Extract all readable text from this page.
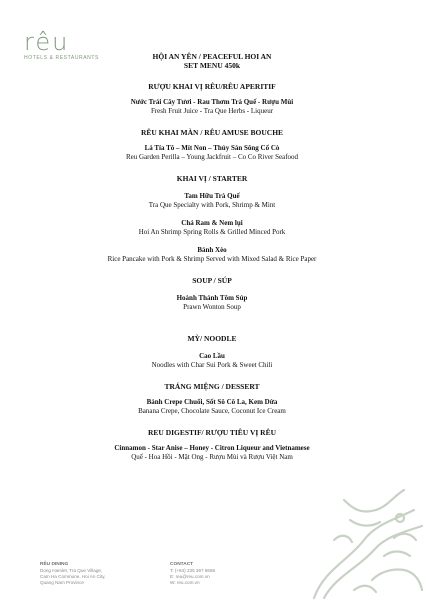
rêu
HOTELS & RESTAURANTS	HỘI AN YÊN / PEACEFUL HOI AN
SET MENU 450k
RƯỢU KHAI VỊ RÊU/RÊU APERITIF
Nước Trái Cây Tươi - Rau Thơm Trà Quế - Rượu Mùi
Fresh Fruit Juice - Tra Que Herbs - Liqueur
RÊU KHAI MÀN / RÊU AMUSE BOUCHE
Lá Tía Tô – Mít Non – Thủy Sản Sông Cổ Cò
Reu Garden Perilla – Young Jackfruit – Co Co River Seafood
KHAI VỊ / STARTER
Tam Hữu Trà Quế
Tra Que Specialty with Pork, Shrimp & Mint
Chả Ram & Nem lụi
Hoi An Shrimp Spring Rolls & Grilled Minced Pork
Bánh Xèo
Rice Pancake with Pork & Shrimp Served with Mixed Salad & Rice Paper
SOUP / SÚP
Hoành Thánh Tôm Súp
Prawn Wonton Soup
MỲ/ NOODLE
Cao Lầu
Noodles with Char Sui Pork & Sweet Chili
TRÁNG MIỆNG / DESSERT
Bánh Crepe Chuối, Sốt Sô Cô La, Kem Dừa
Banana Crepe, Chocolate Sauce, Coconut Ice Cream
REU DIGESTIF/ RƯỢU TIÊU VỊ RÊU
Cinnamon - Star Anise – Honey - Citron Liqueur and Vietnamese
Quế - Hoa Hồi - Mật Ong - Rượu Mùi và Rượu Việt Nam
RÊU DINING
Dong Hamlet, Tra Que Village,
Cam Ha Commune, Hoi An City,
Quang Nam Province
CONTACT
T: (+84) 235 367 6666
E: reu@reu.com.vn
W: reu.com.vn
